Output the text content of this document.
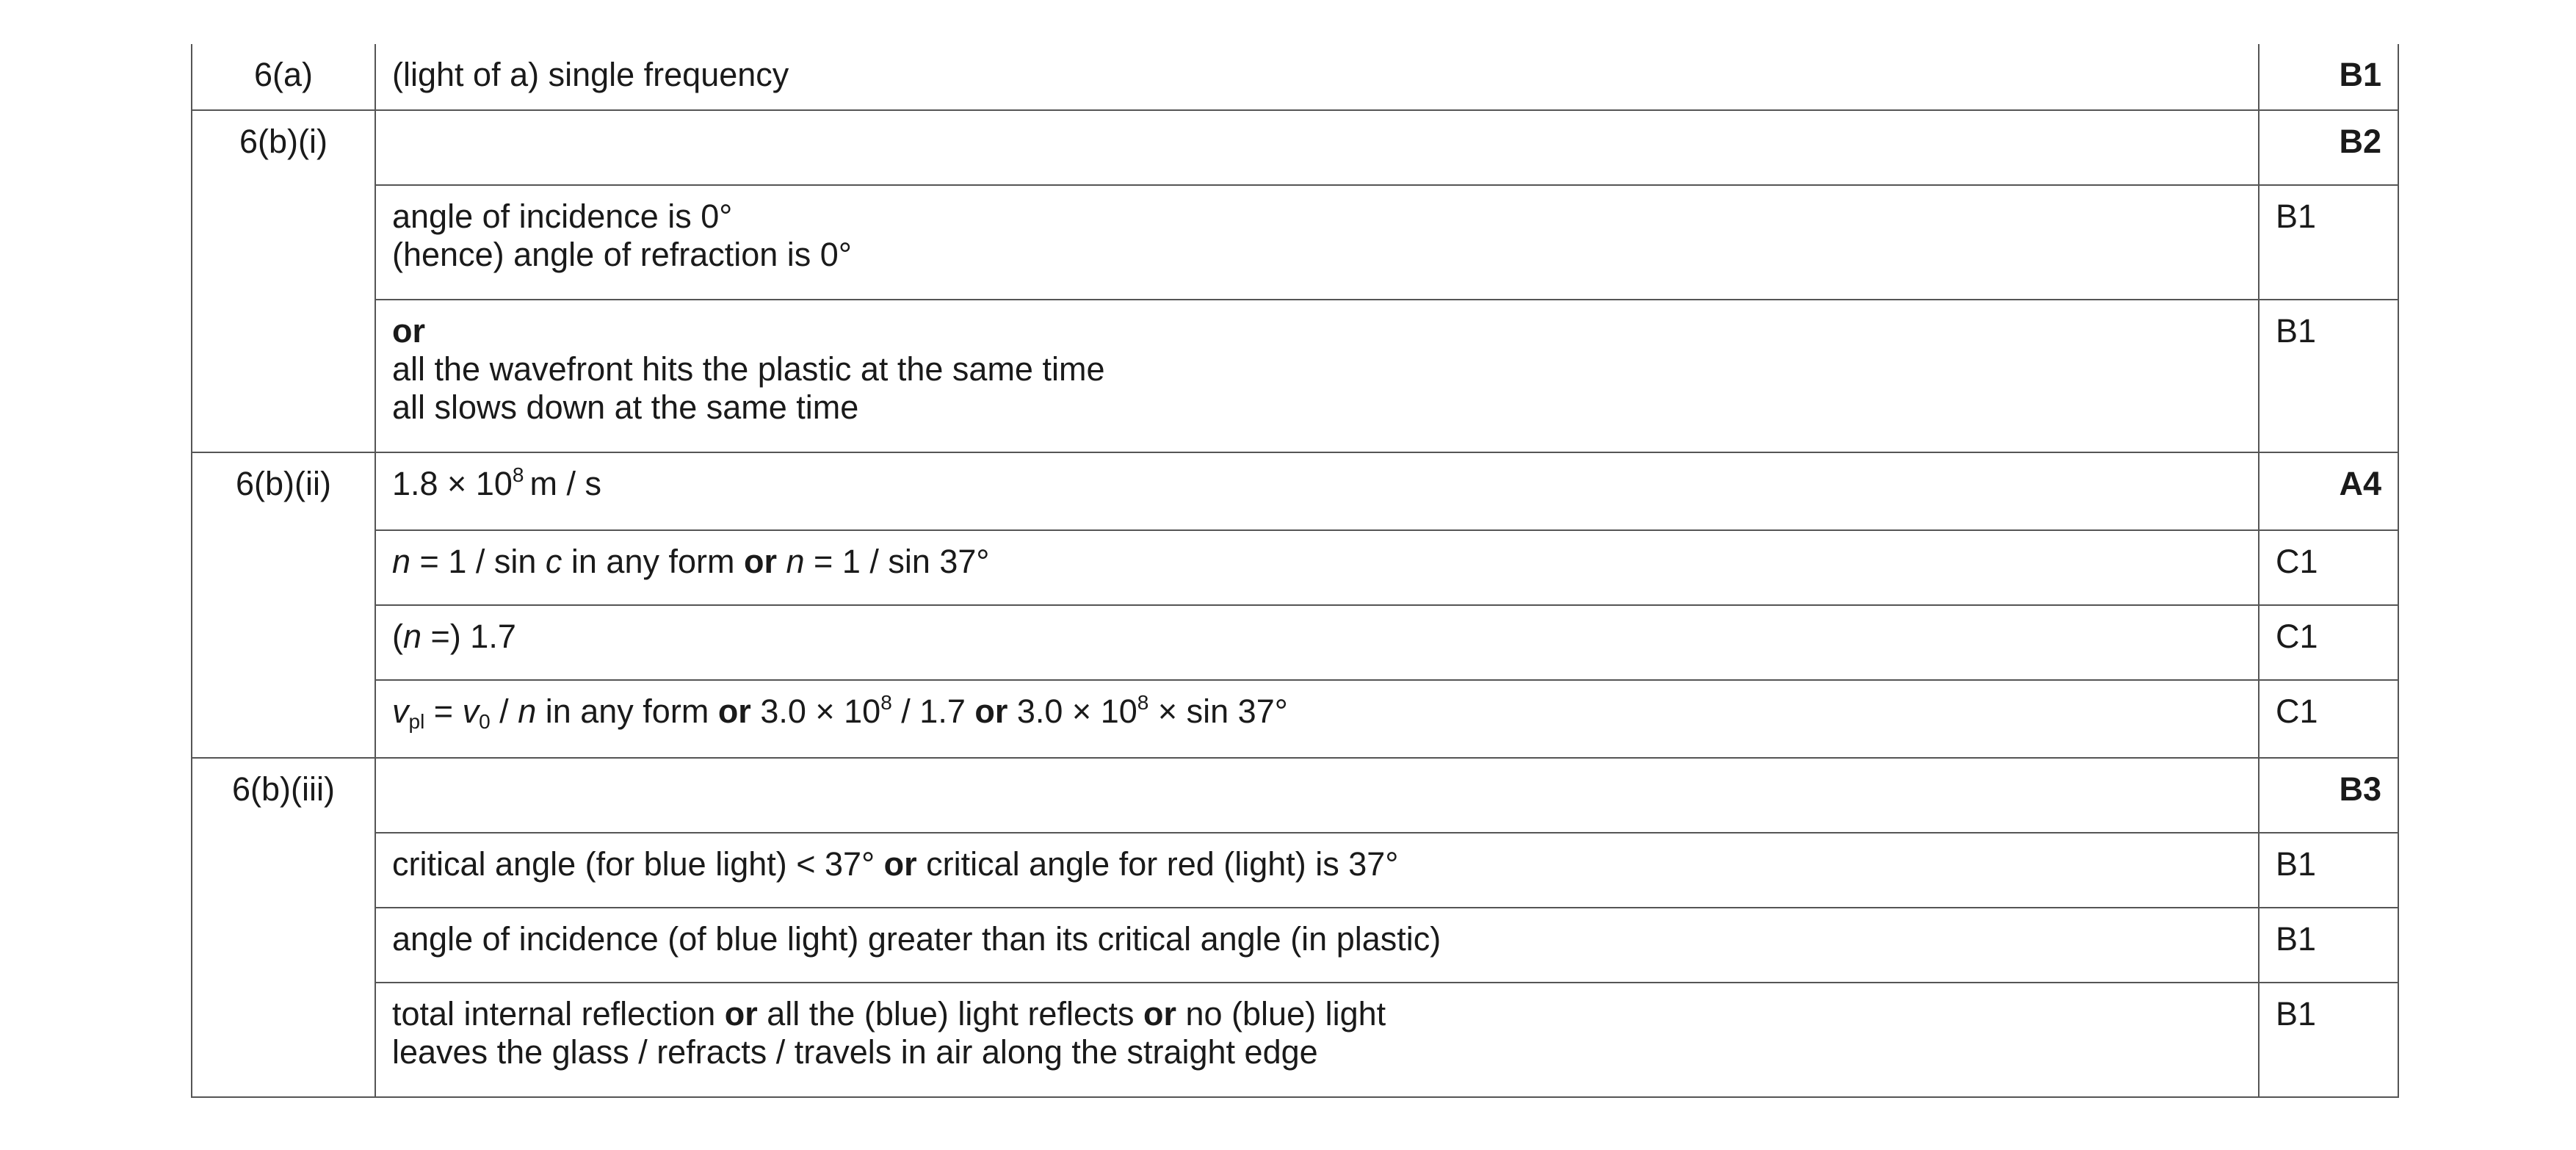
6(a)	(light of a) single frequency	B1
6(b)(i)		B2

	angle of incidence is 0°
(hence) angle of refraction is 0°	B1

	or
all the wavefront hits the plastic at the same time
all slows down at the same time	B1
6(b)(ii)	$1.8 \times 10^8$ m / s	A4
	n = 1 / sin c in any form or n = 1 / sin 37°	C1
	(n =) 1.7	C1
	$v_{pl} = v_0 / n$ in any form or $3.0 \times 10^8 / 1.7$ or $3.0 \times 10^8 \times \sin 37^\circ$	C1
6(b)(iii)		B3
	critical angle (for blue light) < 37° or critical angle for red (light) is 37°	B1
	angle of incidence (of blue light) greater than its critical angle (in plastic)	B1

	total internal reflection or all the (blue) light reflects or no (blue) light
leaves the glass / refracts / travels in air along the straight edge	B1
